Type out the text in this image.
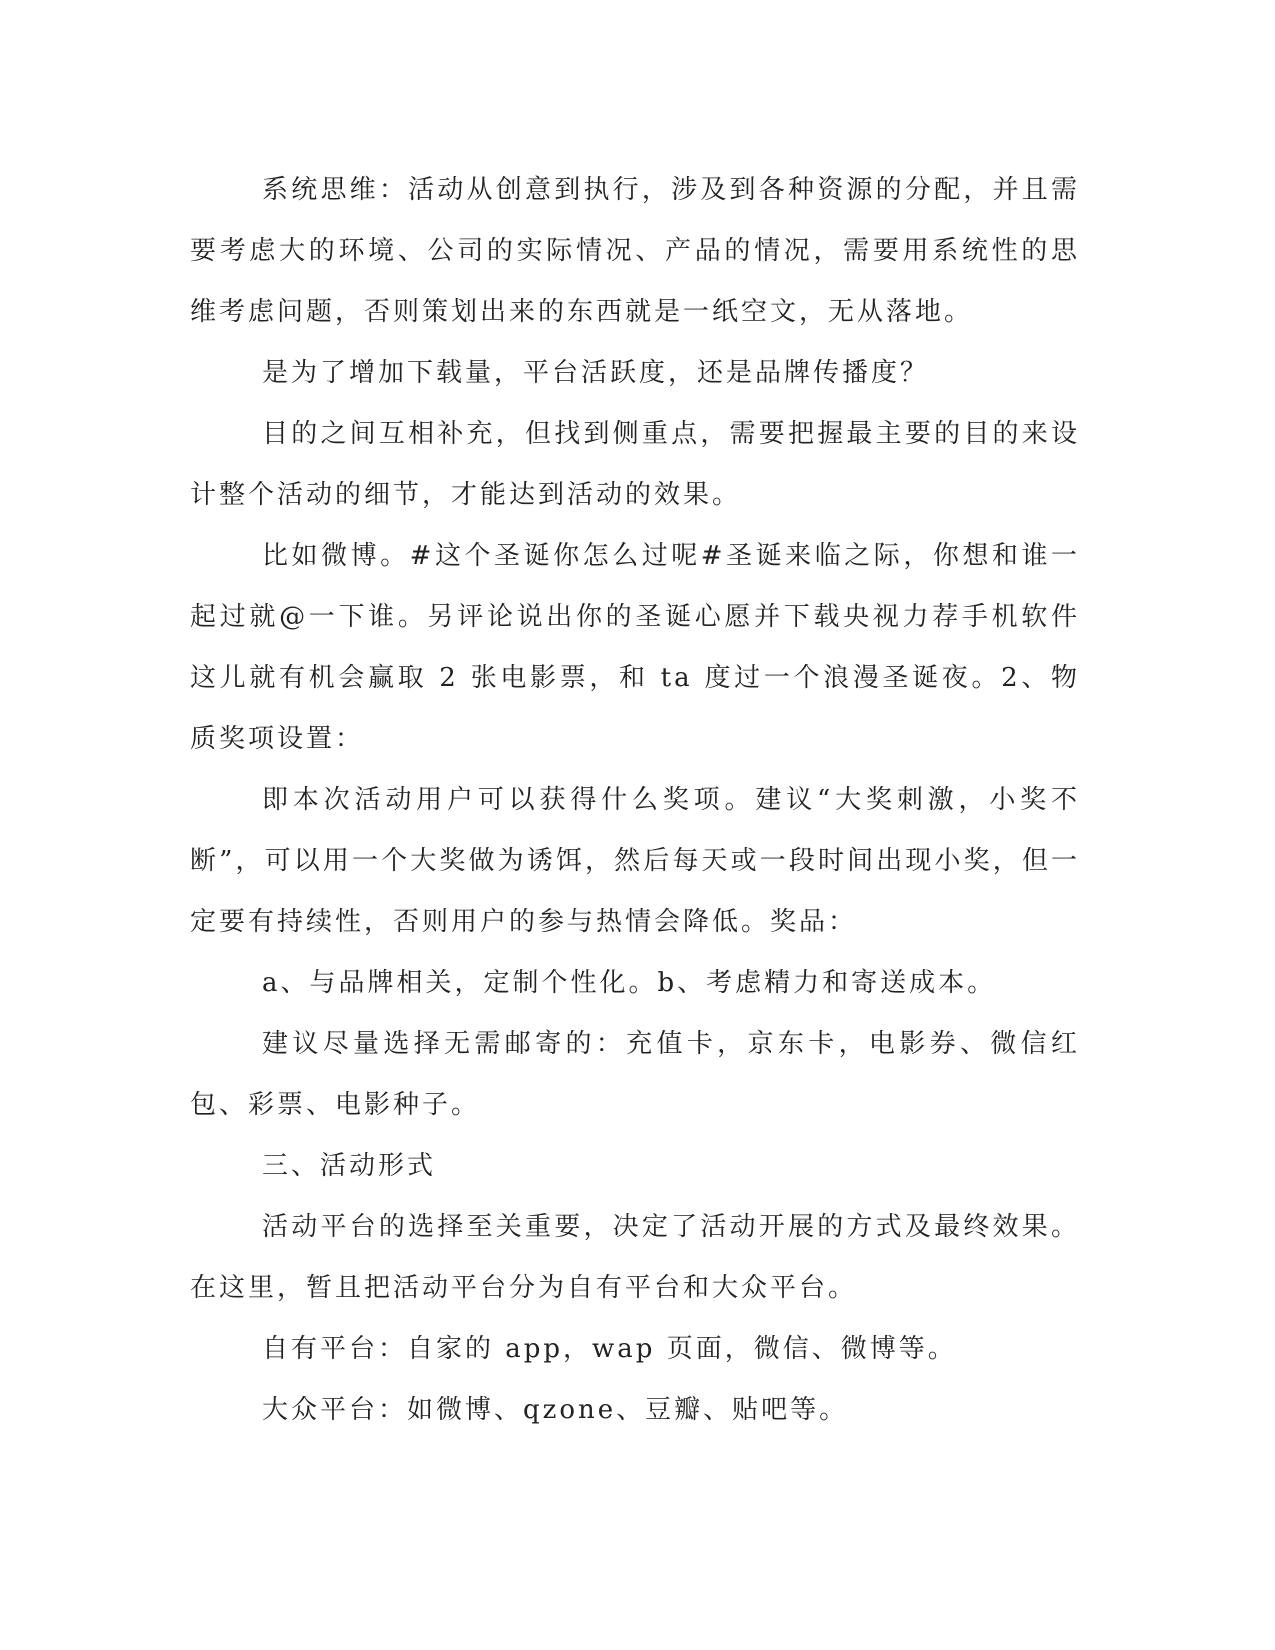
系统思维：活动从创意到执行，涉及到各种资源的分配，并且需要考虑大的环境、公司的实际情况、产品的情况，需要用系统性的思维考虑问题，否则策划出来的东西就是一纸空文，无从落地。

是为了增加下载量，平台活跃度，还是品牌传播度？

目的之间互相补充，但找到侧重点，需要把握最主要的目的来设计整个活动的细节，才能达到活动的效果。

比如微博。#这个圣诞你怎么过呢#圣诞来临之际，你想和谁一起过就@一下谁。另评论说出你的圣诞心愿并下载央视力荐手机软件这儿就有机会赢取 2 张电影票，和 ta 度过一个浪漫圣诞夜。2、物质奖项设置：

即本次活动用户可以获得什么奖项。建议“大奖刺激，小奖不断”，可以用一个大奖做为诱饵，然后每天或一段时间出现小奖，但一定要有持续性，否则用户的参与热情会降低。奖品：

a、与品牌相关，定制个性化。b、考虑精力和寄送成本。

建议尽量选择无需邮寄的：充值卡，京东卡，电影券、微信红包、彩票、电影种子。

三、活动形式

活动平台的选择至关重要，决定了活动开展的方式及最终效果。在这里，暂且把活动平台分为自有平台和大众平台。

自有平台：自家的 app，wap 页面，微信、微博等。

大众平台：如微博、qzone、豆瓣、贴吧等。
